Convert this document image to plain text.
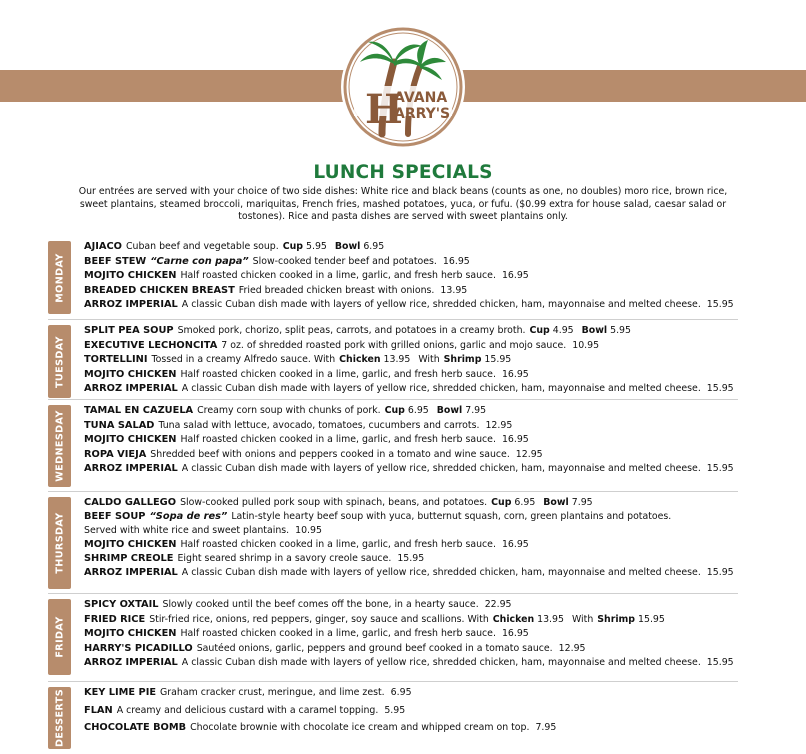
H
AVANA
ARRY'S
LUNCH SPECIALS
Our entrées are served with your choice of two side dishes: White rice and black beans (counts as one, no doubles) moro rice, brown rice, sweet plantains, steamed broccoli, mariquitas, French fries, mashed potatoes, yuca, or fufu. ($0.99 extra for house salad, caesar salad or tostones). Rice and pasta dishes are served with sweet plantains only.
MONDAY
AJIACO Cuban beef and vegetable soup. Cup 5.95 Bowl 6.95
BEEF STEW “Carne con papa” Slow-cooked tender beef and potatoes. 16.95
MOJITO CHICKEN Half roasted chicken cooked in a lime, garlic, and fresh herb sauce. 16.95
BREADED CHICKEN BREAST Fried breaded chicken breast with onions. 13.95
ARROZ IMPERIAL A classic Cuban dish made with layers of yellow rice, shredded chicken, ham, mayonnaise and melted cheese. 15.95
TUESDAY
SPLIT PEA SOUP Smoked pork, chorizo, split peas, carrots, and potatoes in a creamy broth. Cup 4.95 Bowl 5.95
EXECUTIVE LECHONCITA 7 oz. of shredded roasted pork with grilled onions, garlic and mojo sauce. 10.95
TORTELLINI Tossed in a creamy Alfredo sauce. With Chicken 13.95 With Shrimp 15.95
MOJITO CHICKEN Half roasted chicken cooked in a lime, garlic, and fresh herb sauce. 16.95
ARROZ IMPERIAL A classic Cuban dish made with layers of yellow rice, shredded chicken, ham, mayonnaise and melted cheese. 15.95
WEDNESDAY TAMAL EN CAZUELA Creamy corn soup with chunks of pork. Cup 6.95 Bowl 7.95
TUNA SALAD Tuna salad with lettuce, avocado, tomatoes, cucumbers and carrots. 12.95
MOJITO CHICKEN Half roasted chicken cooked in a lime, garlic, and fresh herb sauce. 16.95
ROPA VIEJA Shredded beef with onions and peppers cooked in a tomato and wine sauce. 12.95
ARROZ IMPERIAL A classic Cuban dish made with layers of yellow rice, shredded chicken, ham, mayonnaise and melted cheese. 15.95
THURSDAY
CALDO GALLEGO Slow-cooked pulled pork soup with spinach, beans, and potatoes. Cup 6.95 Bowl 7.95
BEEF SOUP “Sopa de res” Latin-style hearty beef soup with yuca, butternut squash, corn, green plantains and potatoes.
Served with white rice and sweet plantains. 10.95
MOJITO CHICKEN Half roasted chicken cooked in a lime, garlic, and fresh herb sauce. 16.95
SHRIMP CREOLE Eight seared shrimp in a savory creole sauce. 15.95
ARROZ IMPERIAL A classic Cuban dish made with layers of yellow rice, shredded chicken, ham, mayonnaise and melted cheese. 15.95
FRIDAY
SPICY OXTAIL Slowly cooked until the beef comes off the bone, in a hearty sauce. 22.95
FRIED RICE Stir-fried rice, onions, red peppers, ginger, soy sauce and scallions. With Chicken 13.95 With Shrimp 15.95
MOJITO CHICKEN Half roasted chicken cooked in a lime, garlic, and fresh herb sauce. 16.95
HARRY'S PICADILLO Sautéed onions, garlic, peppers and ground beef cooked in a tomato sauce. 12.95
ARROZ IMPERIAL A classic Cuban dish made with layers of yellow rice, shredded chicken, ham, mayonnaise and melted cheese. 15.95
DESSERTS KEY LIME PIE Graham cracker crust, meringue, and lime zest. 6.95
FLAN A creamy and delicious custard with a caramel topping. 5.95
CHOCOLATE BOMB Chocolate brownie with chocolate ice cream and whipped cream on top. 7.95
